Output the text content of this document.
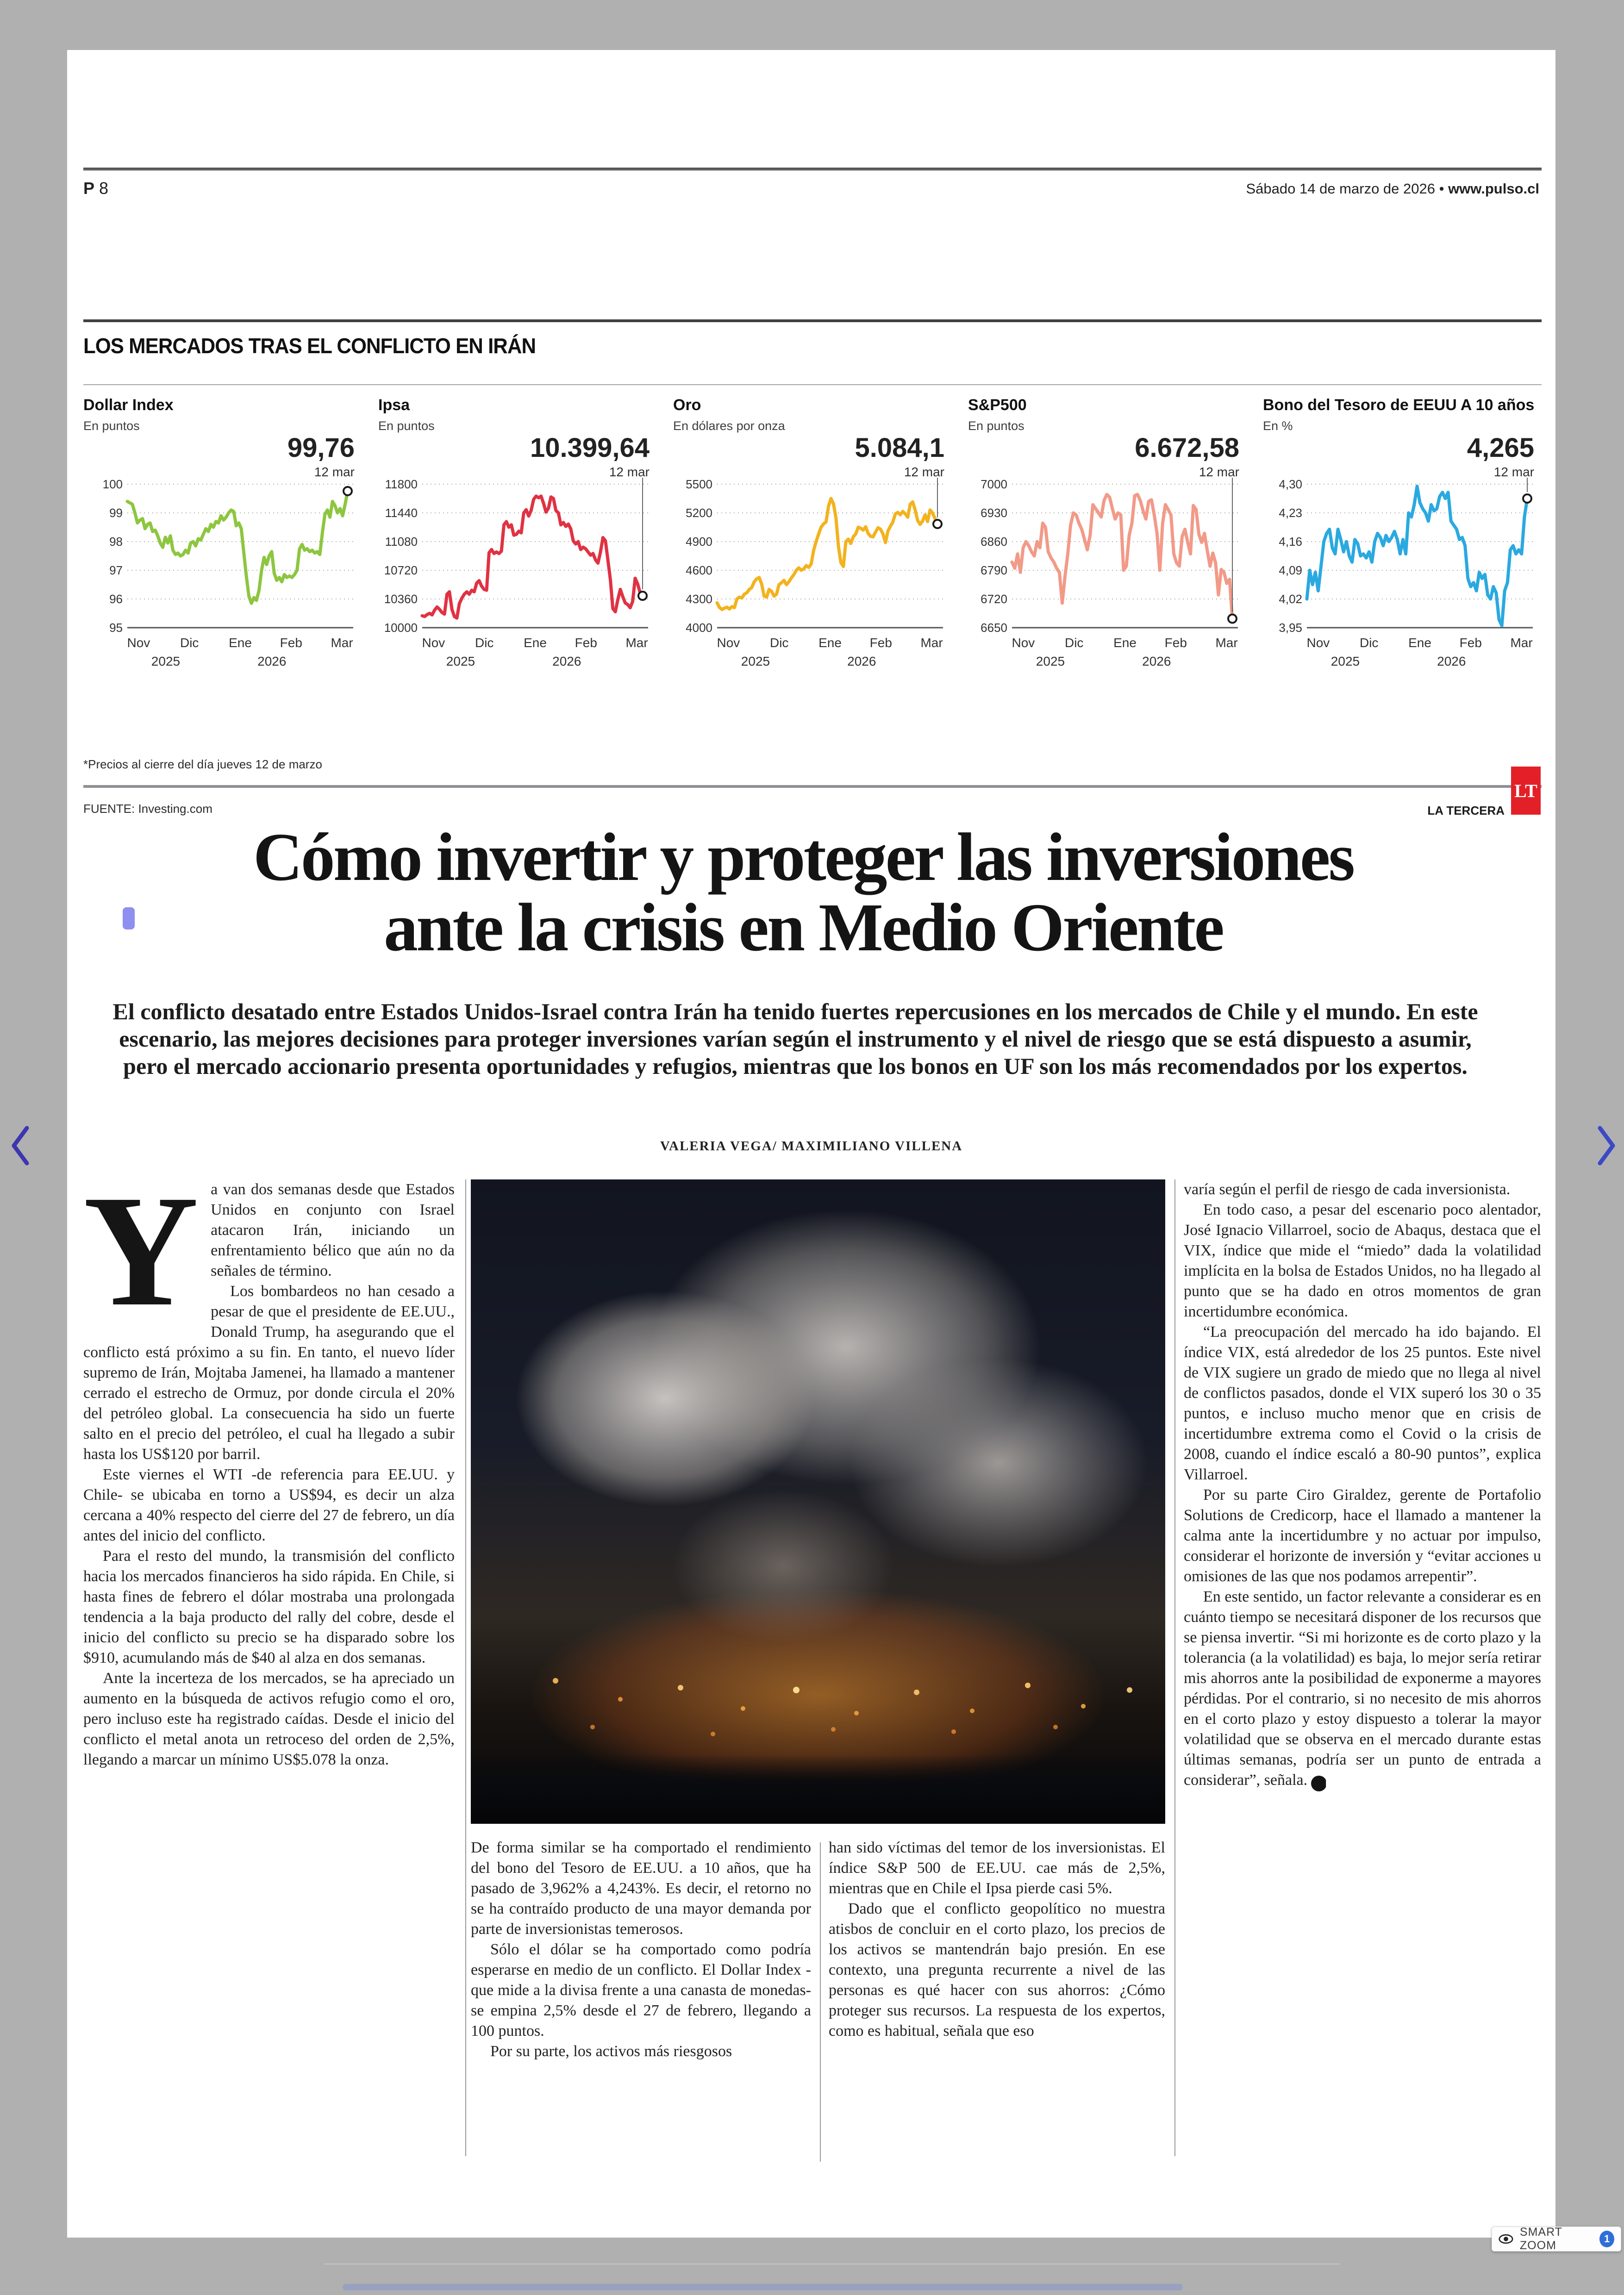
P 8	Sábado 14 de marzo de 2026 • www.pulso.cl
LOS MERCADOS TRAS EL CONFLICTO EN IRÁN
Dollar Index
En puntos
99,76
12 mar
100
99
98
97
96
95
Nov Dic Ene Feb Mar
2025	2026
Ipsa
En puntos
10.399,64
12 mar
11800
11440
11080
10720
10360
10000
Nov Dic Ene Feb Mar
2025	2026
Oro
En dólares por onza
5.084,1
12 mar
5500
5200
4900
4600
4300
4000
Nov Dic Ene Feb Mar
2025	2026
S&P500
En puntos
6.672,58
12 mar
7000
6930
6860
6790
6720
6650
Nov Dic Ene Feb Mar
2025	2026
Bono del Tesoro de EEUU A 10 años
En %
4,265
12 mar
4,30
4,23
4,16
4,09
4,02
3,95
Nov Dic Ene Feb Mar
2025	2026
*Precios al cierre del día jueves 12 de marzo
FUENTE: Investing.com	LA TERCERA
LT
Cómo invertir y proteger las inversiones
ante la crisis en Medio Oriente
El conflicto desatado entre Estados Unidos-Israel contra Irán ha tenido fuertes repercusiones en los mercados de Chile y el mundo. En este escenario, las mejores decisiones para proteger inversiones varían según el instrumento y el nivel de riesgo que se está dispuesto a asumir, pero el mercado accionario presenta oportunidades y refugios, mientras que los bonos en UF son los más recomendados por los expertos.
VALERIA VEGA/ MAXIMILIANO VILLENA

Ya van dos semanas desde que Estados Unidos en conjunto con Israel atacaron Irán, iniciando un enfrentamiento bélico que aún no da señales de término.

Los bombardeos no han cesado a pesar de que el presidente de EE.UU., Donald Trump, ha asegurando que el conflicto está próximo a su fin. En tanto, el nuevo líder supremo de Irán, Mojtaba Jamenei, ha llamado a mantener cerrado el estrecho de Ormuz, por donde circula el 20% del petróleo global. La consecuencia ha sido un fuerte salto en el precio del petróleo, el cual ha llegado a subir hasta los US$120 por barril.

Este viernes el WTI -de referencia para EE.UU. y Chile- se ubicaba en torno a US$94, es decir un alza cercana a 40% respecto del cierre del 27 de febrero, un día antes del inicio del conflicto.

Para el resto del mundo, la transmisión del conflicto hacia los mercados financieros ha sido rápida. En Chile, si hasta fines de febrero el dólar mostraba una prolongada tendencia a la baja producto del rally del cobre, desde el inicio del conflicto su precio se ha disparado sobre los $910, acumulando más de $40 al alza en dos semanas.

Ante la incerteza de los mercados, se ha apreciado un aumento en la búsqueda de activos refugio como el oro, pero incluso este ha registrado caídas. Desde el inicio del conflicto el metal anota un retroceso del orden de 2,5%, llegando a marcar un mínimo US$5.078 la onza.

De forma similar se ha comportado el rendimiento del bono del Tesoro de EE.UU. a 10 años, que ha pasado de 3,962% a 4,243%. Es decir, el retorno no se ha contraído producto de una mayor demanda por parte de inversionistas temerosos.

Sólo el dólar se ha comportado como podría esperarse en medio de un conflicto. El Dollar Index -que mide a la divisa frente a una canasta de monedas- se empina 2,5% desde el 27 de febrero, llegando a 100 puntos.

Por su parte, los activos más riesgosos

han sido víctimas del temor de los inversionistas. El índice S&P 500 de EE.UU. cae más de 2,5%, mientras que en Chile el Ipsa pierde casi 5%.

Dado que el conflicto geopolítico no muestra atisbos de concluir en el corto plazo, los precios de los activos se mantendrán bajo presión. En ese contexto, una pregunta recurrente a nivel de las personas es qué hacer con sus ahorros: ¿Cómo proteger sus recursos. La respuesta de los expertos, como es habitual, señala que eso

varía según el perfil de riesgo de cada inversionista.

En todo caso, a pesar del escenario poco alentador, José Ignacio Villarroel, socio de Abaqus, destaca que el VIX, índice que mide el “miedo” dada la volatilidad implícita en la bolsa de Estados Unidos, no ha llegado al punto que se ha dado en otros momentos de gran incertidumbre económica.

“La preocupación del mercado ha ido bajando. El índice VIX, está alrededor de los 25 puntos. Este nivel de VIX sugiere un grado de miedo que no llega al nivel de conflictos pasados, donde el VIX superó los 30 o 35 puntos, e incluso mucho menor que en crisis de incertidumbre extrema como el Covid o la crisis de 2008, cuando el índice escaló a 80-90 puntos”, explica Villarroel.

Por su parte Ciro Giraldez, gerente de Portafolio Solutions de Credicorp, hace el llamado a mantener la calma ante la incertidumbre y no actuar por impulso, considerar el horizonte de inversión y “evitar acciones u omisiones de las que nos podamos arrepentir”.

En este sentido, un factor relevante a considerar es en cuánto tiempo se necesitará disponer de los recursos que se piensa invertir. “Si mi horizonte es de corto plazo y la tolerancia (a la volatilidad) es baja, lo mejor sería retirar mis ahorros ante la posibilidad de exponerme a mayores pérdidas. Por el contrario, si no necesito de mis ahorros en el corto plazo y estoy dispuesto a tolerar la mayor volatilidad que se observa en el mercado durante estas últimas semanas, podría ser un punto de entrada a considerar”, señala. P

SMART ZOOM
1
